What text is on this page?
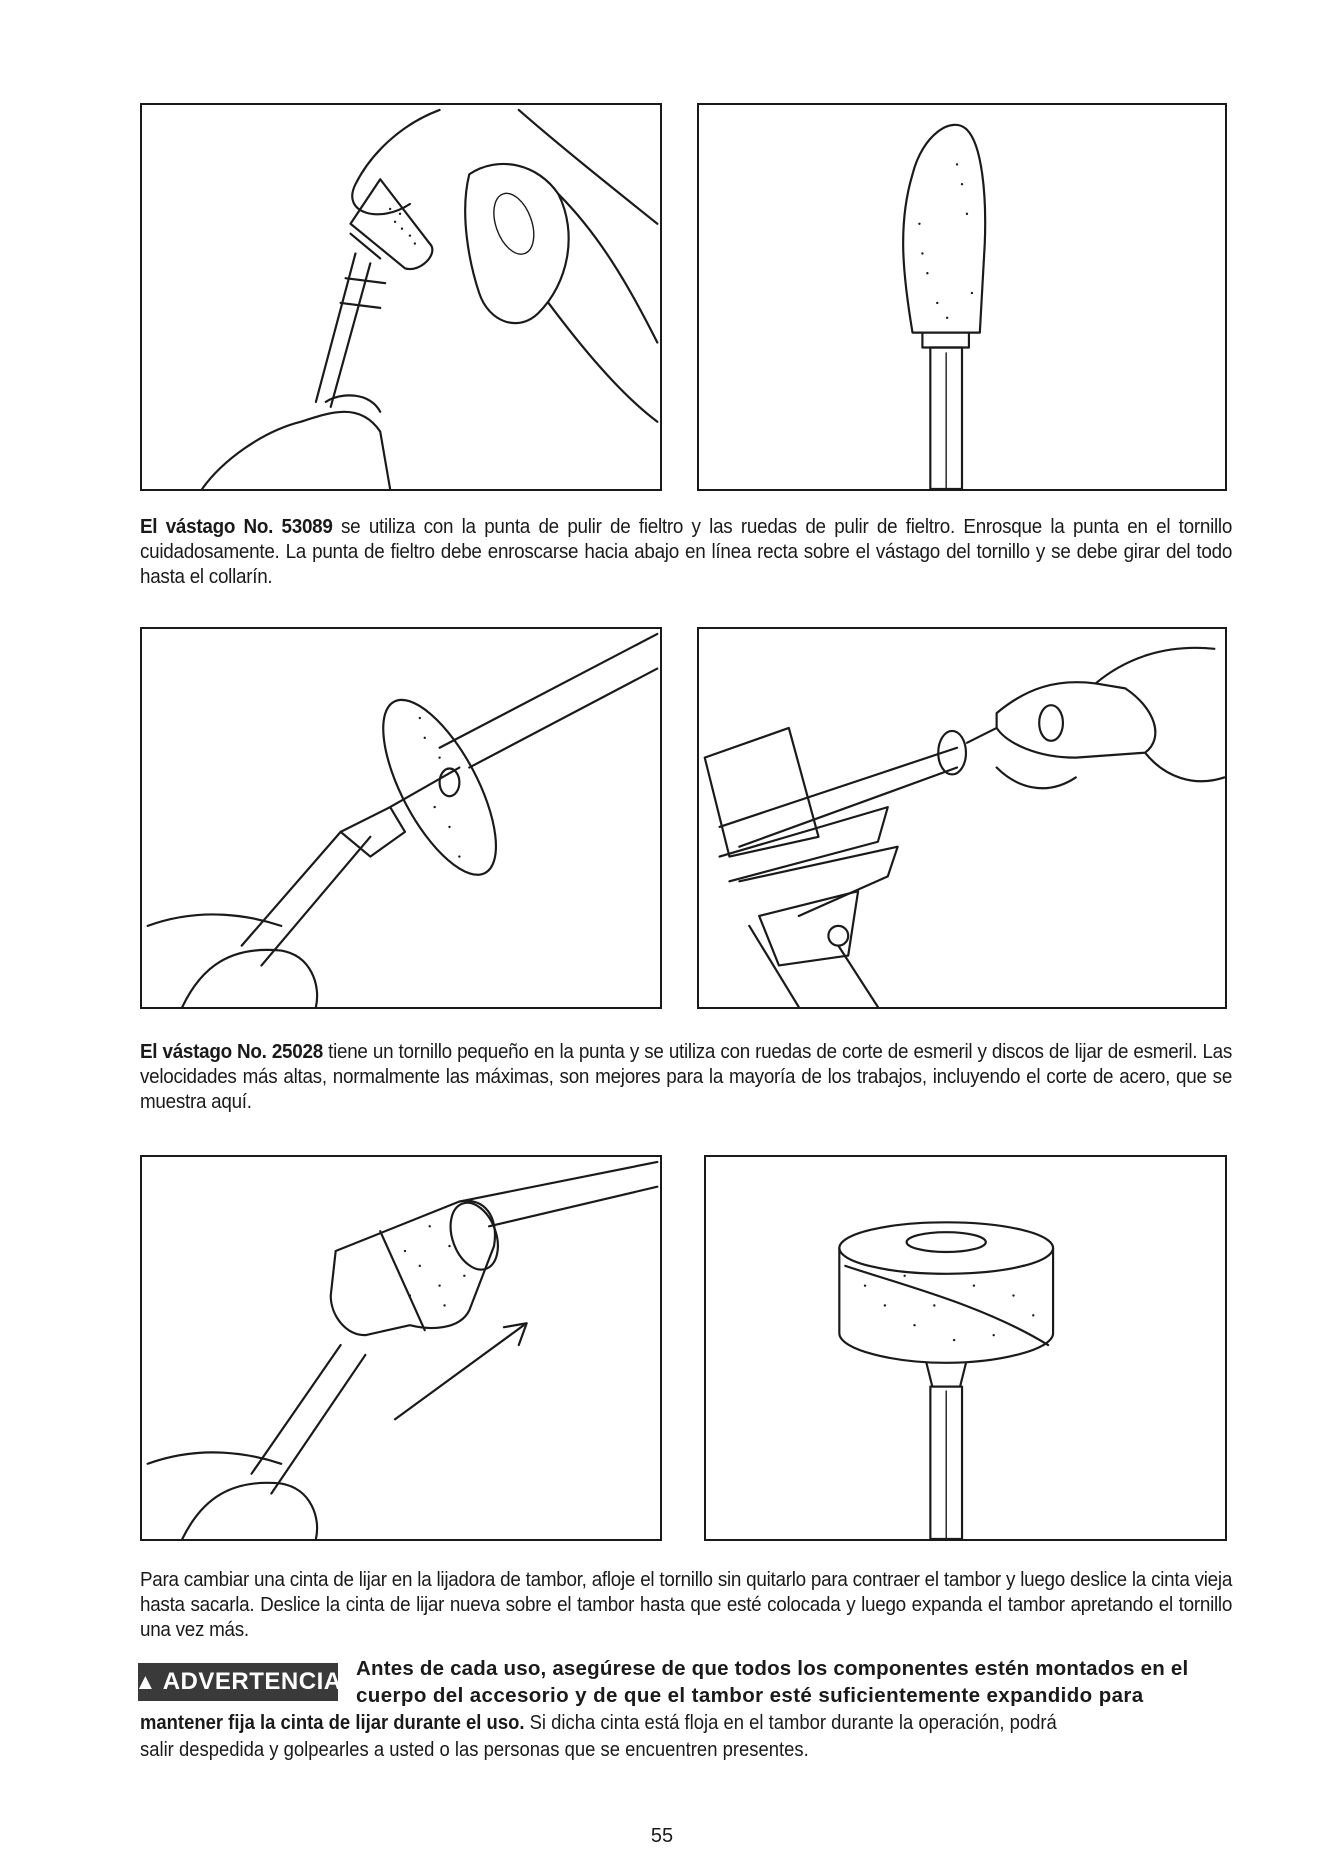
El vástago No. 53089 se utiliza con la punta de pulir de fieltro y las ruedas de pulir de fieltro. Enrosque la punta en el tornillo cuidadosamente. La punta de fieltro debe enroscarse hacia abajo en línea recta sobre el vástago del tornillo y se debe girar del todo hasta el collarín.
El vástago No. 25028 tiene un tornillo pequeño en la punta y se utiliza con ruedas de corte de esmeril y discos de lijar de esmeril. Las velocidades más altas, normalmente las máximas, son mejores para la mayoría de los trabajos, incluyendo el corte de acero, que se muestra aquí.
Para cambiar una cinta de lijar en la lijadora de tambor, afloje el tornillo sin quitarlo para contraer el tambor y luego deslice la cinta vieja hasta sacarla. Deslice la cinta de lijar nueva sobre el tambor hasta que esté colocada y luego expanda el tambor apretando el tornillo una vez más.
▲ ADVERTENCIA Antes de cada uso, asegúrese de que todos los componentes estén montados en el
cuerpo del accesorio y de que el tambor esté suficientemente expandido para
mantener fija la cinta de lijar durante el uso. Si dicha cinta está floja en el tambor durante la operación, podrá
salir despedida y golpearles a usted o las personas que se encuentren presentes.
55
